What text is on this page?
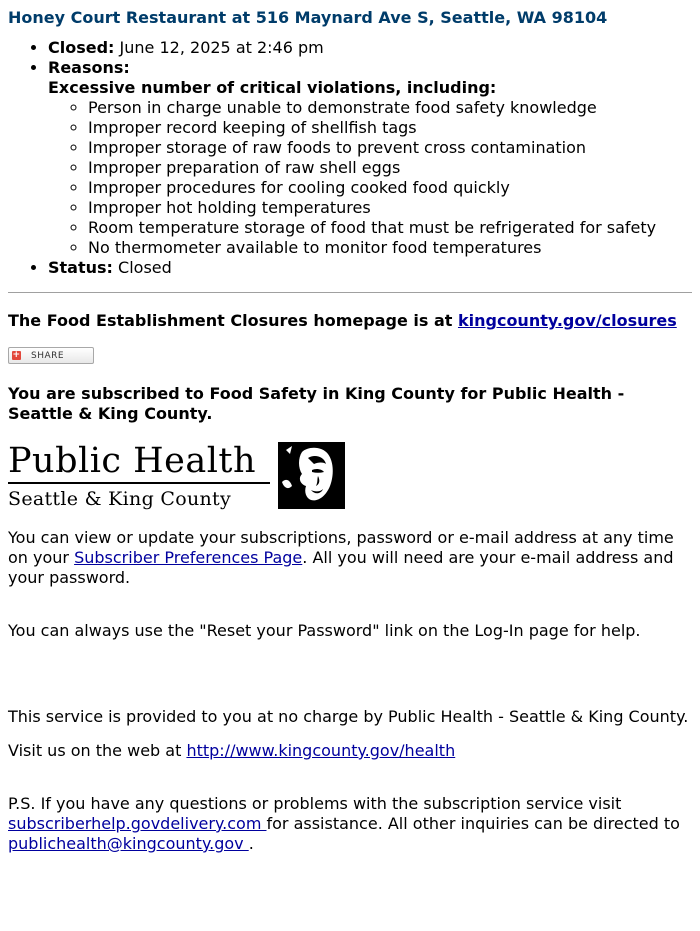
Honey Court Restaurant at 516 Maynard Ave S, Seattle, WA 98104
• Closed: June 12, 2025 at 2:46 pm
• Reasons:
Excessive number of critical violations, including:
◦ Person in charge unable to demonstrate food safety knowledge
◦ Improper record keeping of shellfish tags
◦ Improper storage of raw foods to prevent cross contamination
◦ Improper preparation of raw shell eggs
◦ Improper procedures for cooling cooked food quickly
◦ Improper hot holding temperatures
◦ Room temperature storage of food that must be refrigerated for safety
◦ No thermometer available to monitor food temperatures
• Status: Closed
The Food Establishment Closures homepage is at kingcounty.gov/closures
+ SHARE
You are subscribed to Food Safety in King County for Public Health - Seattle & King County.
Public Health
Seattle & King County

You can view or update your subscriptions, password or e-mail address at any time on your Subscriber Preferences Page. All you will need are your e-mail address and your password.

You can always use the "Reset your Password" link on the Log-In page for help.

This service is provided to you at no charge by Public Health - Seattle & King County.

Visit us on the web at http://www.kingcounty.gov/health

P.S. If you have any questions or problems with the subscription service visit subscriberhelp.govdelivery.com for assistance. All other inquiries can be directed to publichealth@kingcounty.gov .
